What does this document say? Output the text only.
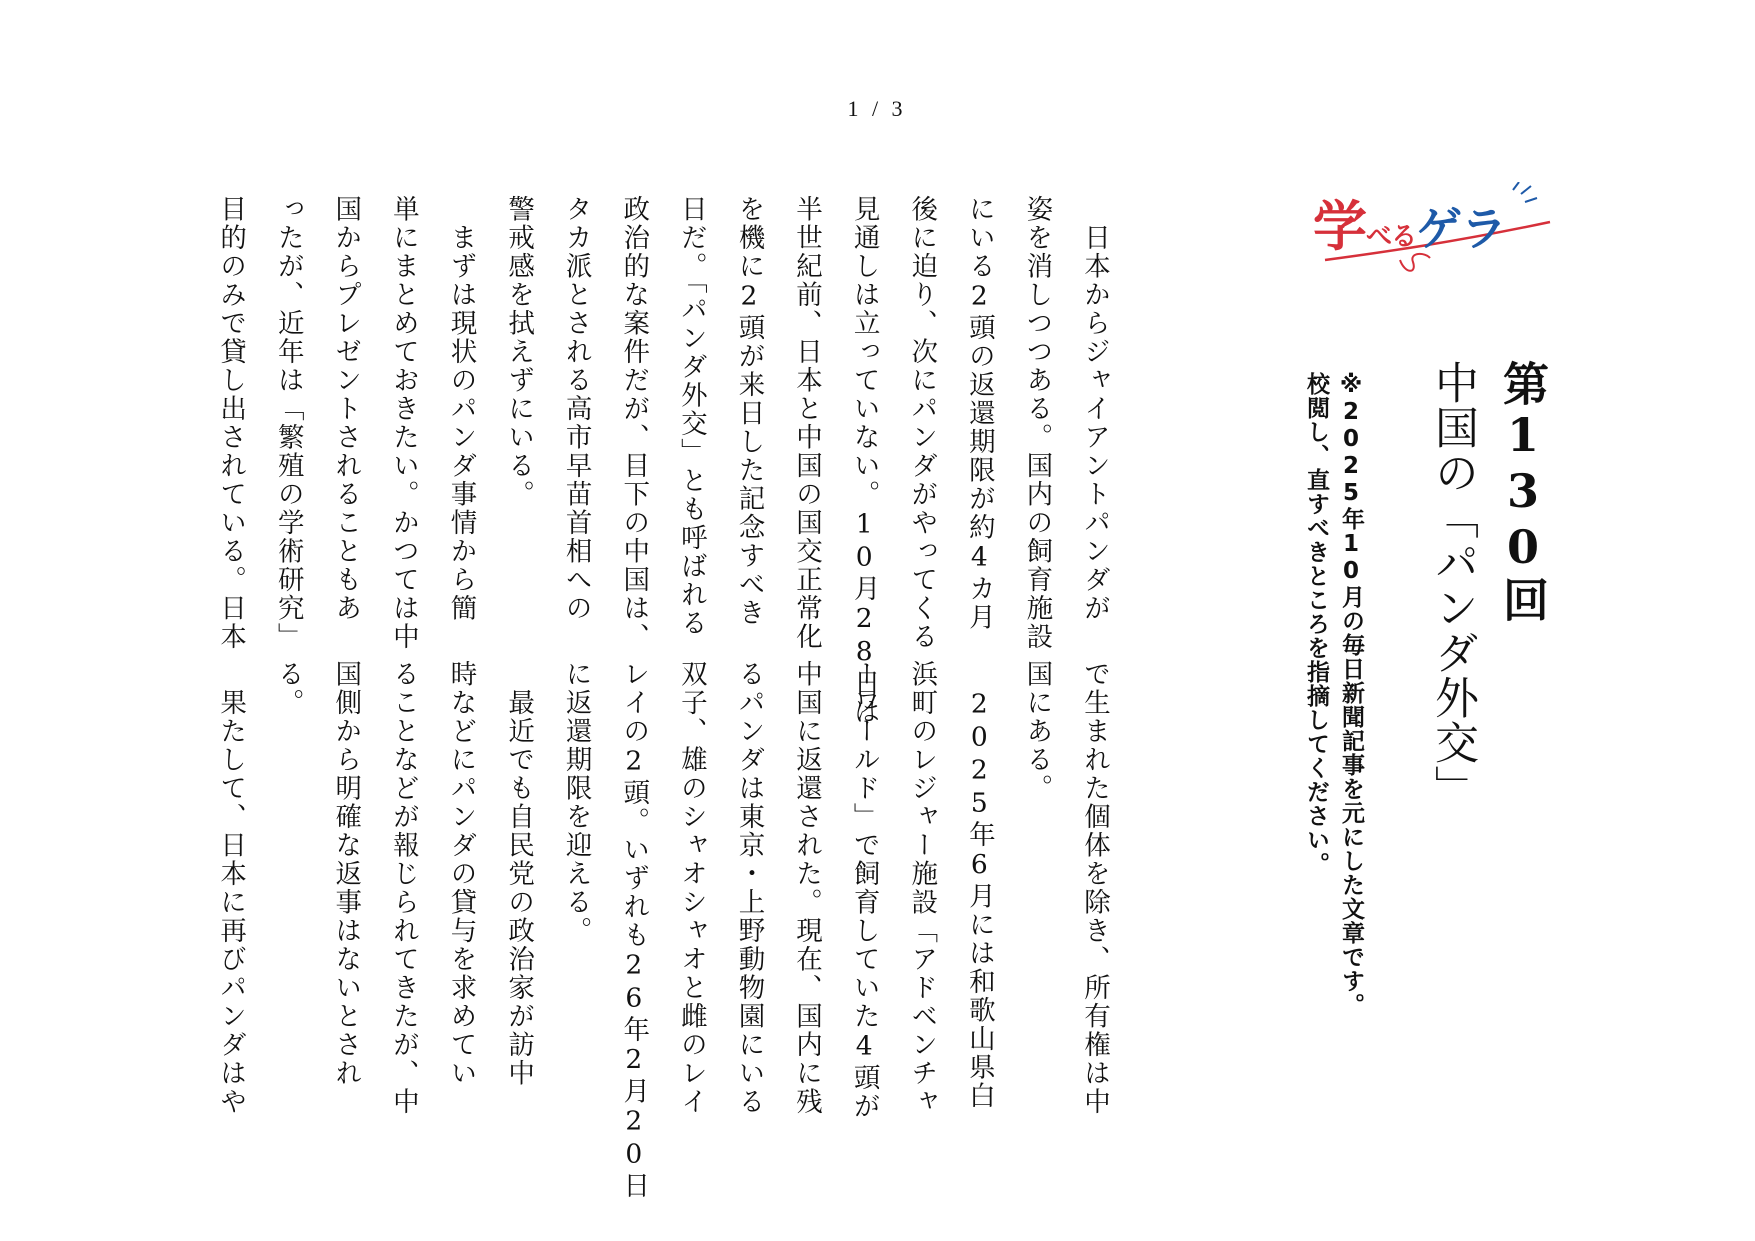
1 / 3
学べるゲラ
第130回
中国の「パンダ外交」
※2025年10月の毎日新聞記事を元にした文章です。
校閲し、直すべきところを指摘してください。

　日本からジャイアントパンダが

姿を消しつつある。国内の飼育施設

にいる2頭の返還期限が約4カ月

後に迫り、次にパンダがやってくる

見通しは立っていない。10月28日は

半世紀前、日本と中国の国交正常化

を機に2頭が来日した記念すべき

日だ。「パンダ外交」とも呼ばれる

政治的な案件だが、目下の中国は、

タカ派とされる高市早苗首相への

警戒感を拭えずにいる。

　まずは現状のパンダ事情から簡

単にまとめておきたい。かつては中

国からプレゼントされることもあ

ったが、近年は「繁殖の学術研究」

目的のみで貸し出されている。日本

で生まれた個体を除き、所有権は中

国にある。

　2025年6月には和歌山県白

浜町のレジャー施設「アドベンチャ

ーワールド」で飼育していた4頭が

中国に返還された。現在、国内に残

るパンダは東京・上野動物園にいる

双子、雄のシャオシャオと雌のレイ

レイの2頭。いずれも26年2月20日

に返還期限を迎える。

　最近でも自民党の政治家が訪中

時などにパンダの貸与を求めてい

ることなどが報じられてきたが、中

国側から明確な返事はないとされ

る。

　果たして、日本に再びパンダはや
